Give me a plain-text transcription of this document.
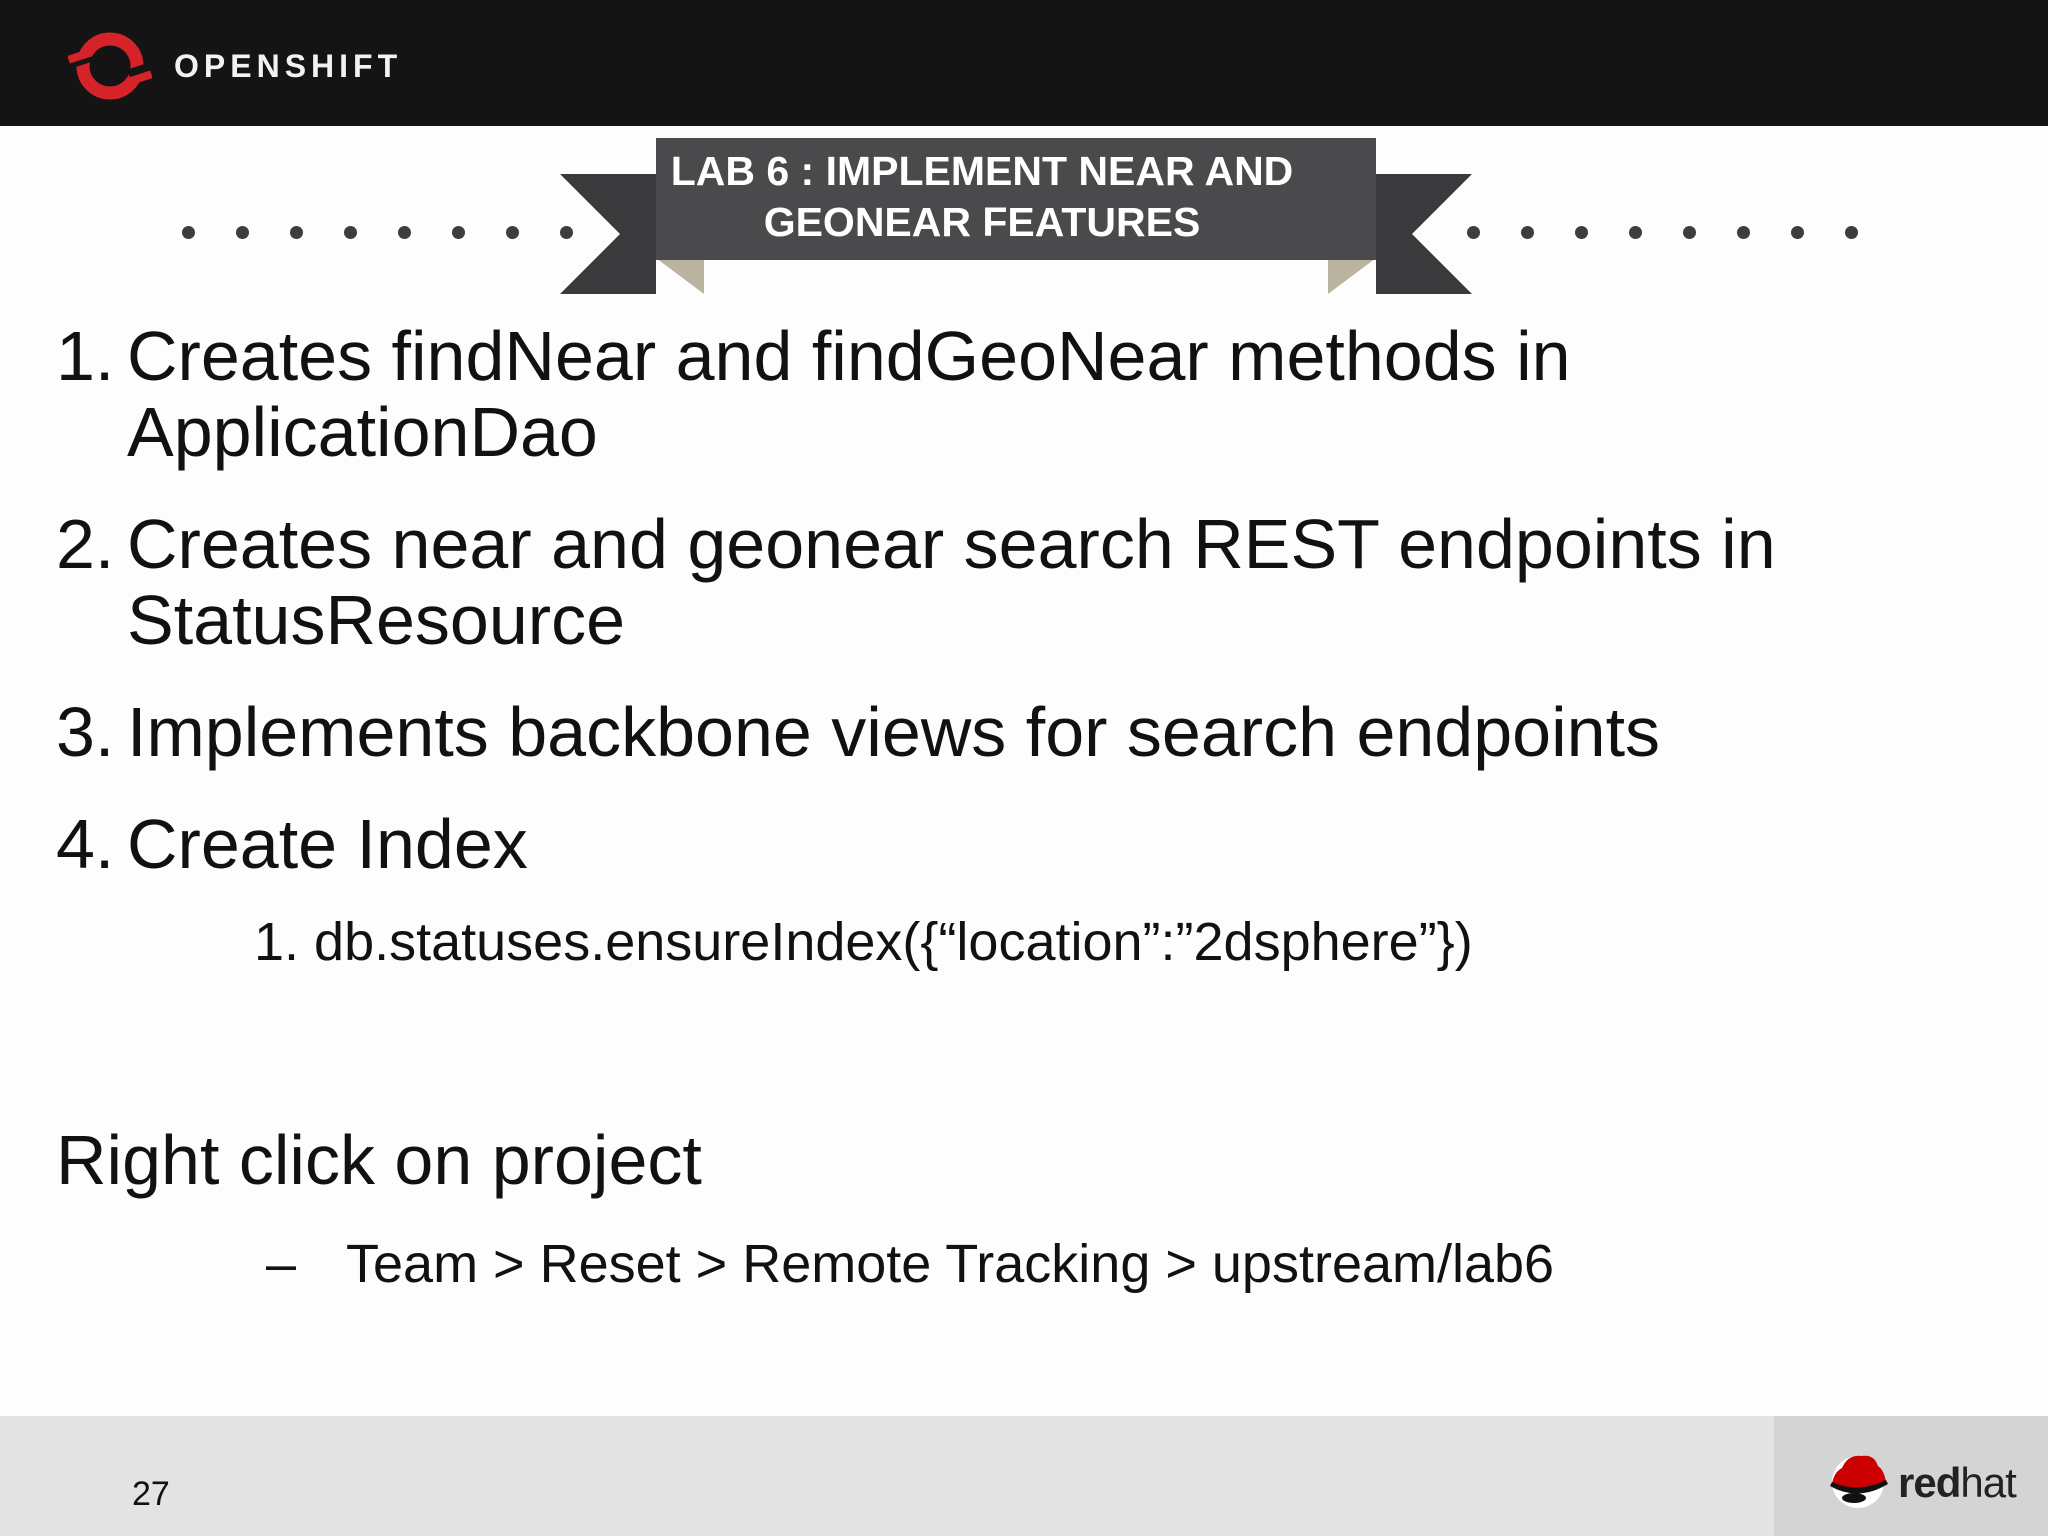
OPENSHIFT
LAB 6 : IMPLEMENT NEAR AND
GEONEAR FEATURES
1. Creates findNear and findGeoNear methods in
ApplicationDao
2. Creates near and geonear search REST endpoints in
StatusResource
3. Implements backbone views for search endpoints
4. Create Index
1. db.statuses.ensureIndex({“location”:”2dsphere”})
Right click on project
– Team > Reset > Remote Tracking > upstream/lab6
27	redhat
